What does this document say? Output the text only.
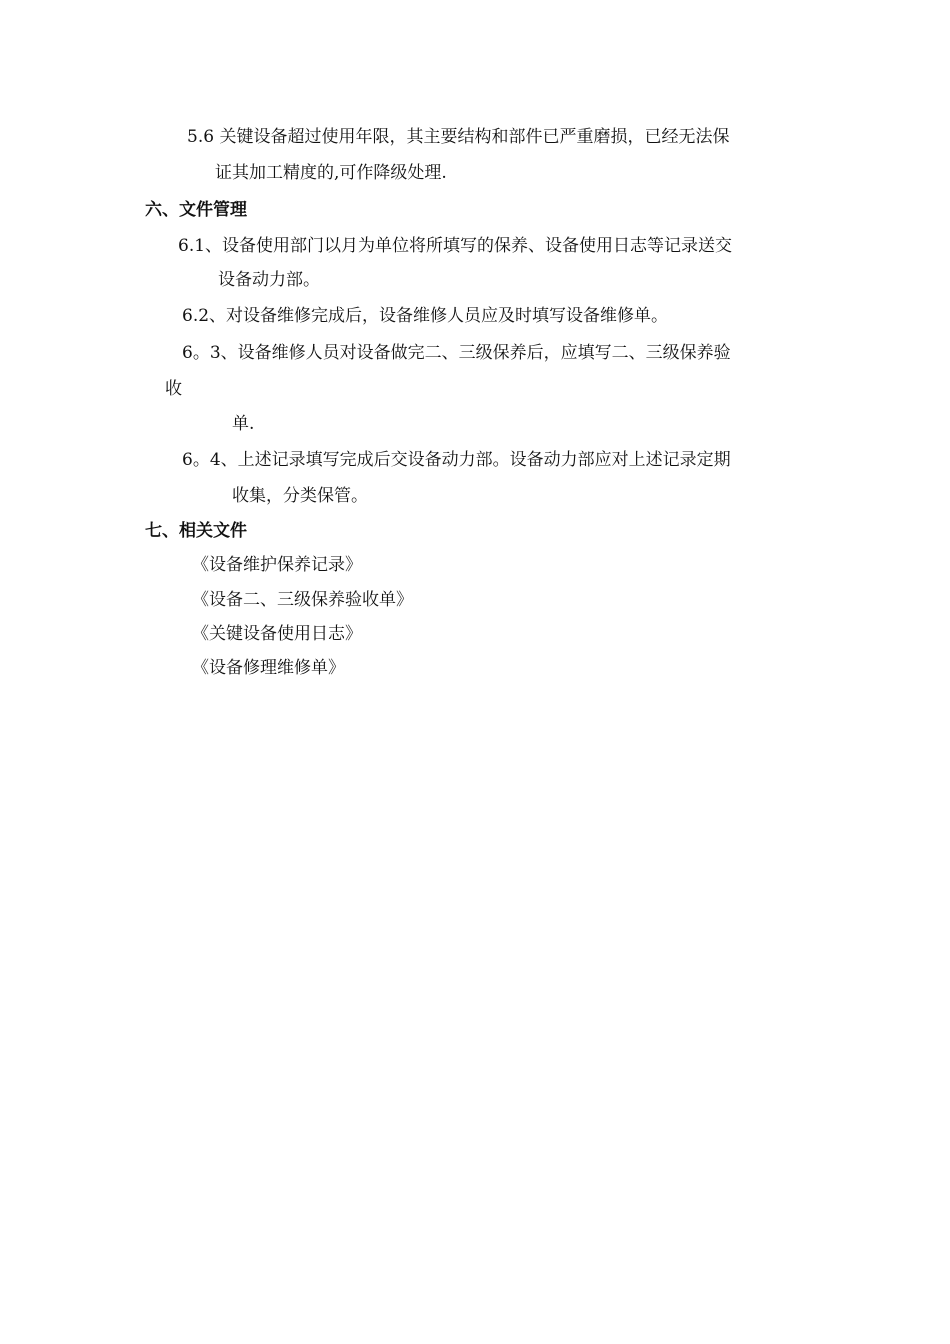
5.6 关键设备超过使用年限，其主要结构和部件已严重磨损，已经无法保
证其加工精度的,可作降级处理.
六、文件管理
6.1、设备使用部门以月为单位将所填写的保养、设备使用日志等记录送交
设备动力部。
6.2、对设备维修完成后，设备维修人员应及时填写设备维修单。
6。3、设备维修人员对设备做完二、三级保养后，应填写二、三级保养验
收
单.
6。4、上述记录填写完成后交设备动力部。设备动力部应对上述记录定期
收集，分类保管。
七、相关文件
《设备维护保养记录》
《设备二、三级保养验收单》
《关键设备使用日志》
《设备修理维修单》
